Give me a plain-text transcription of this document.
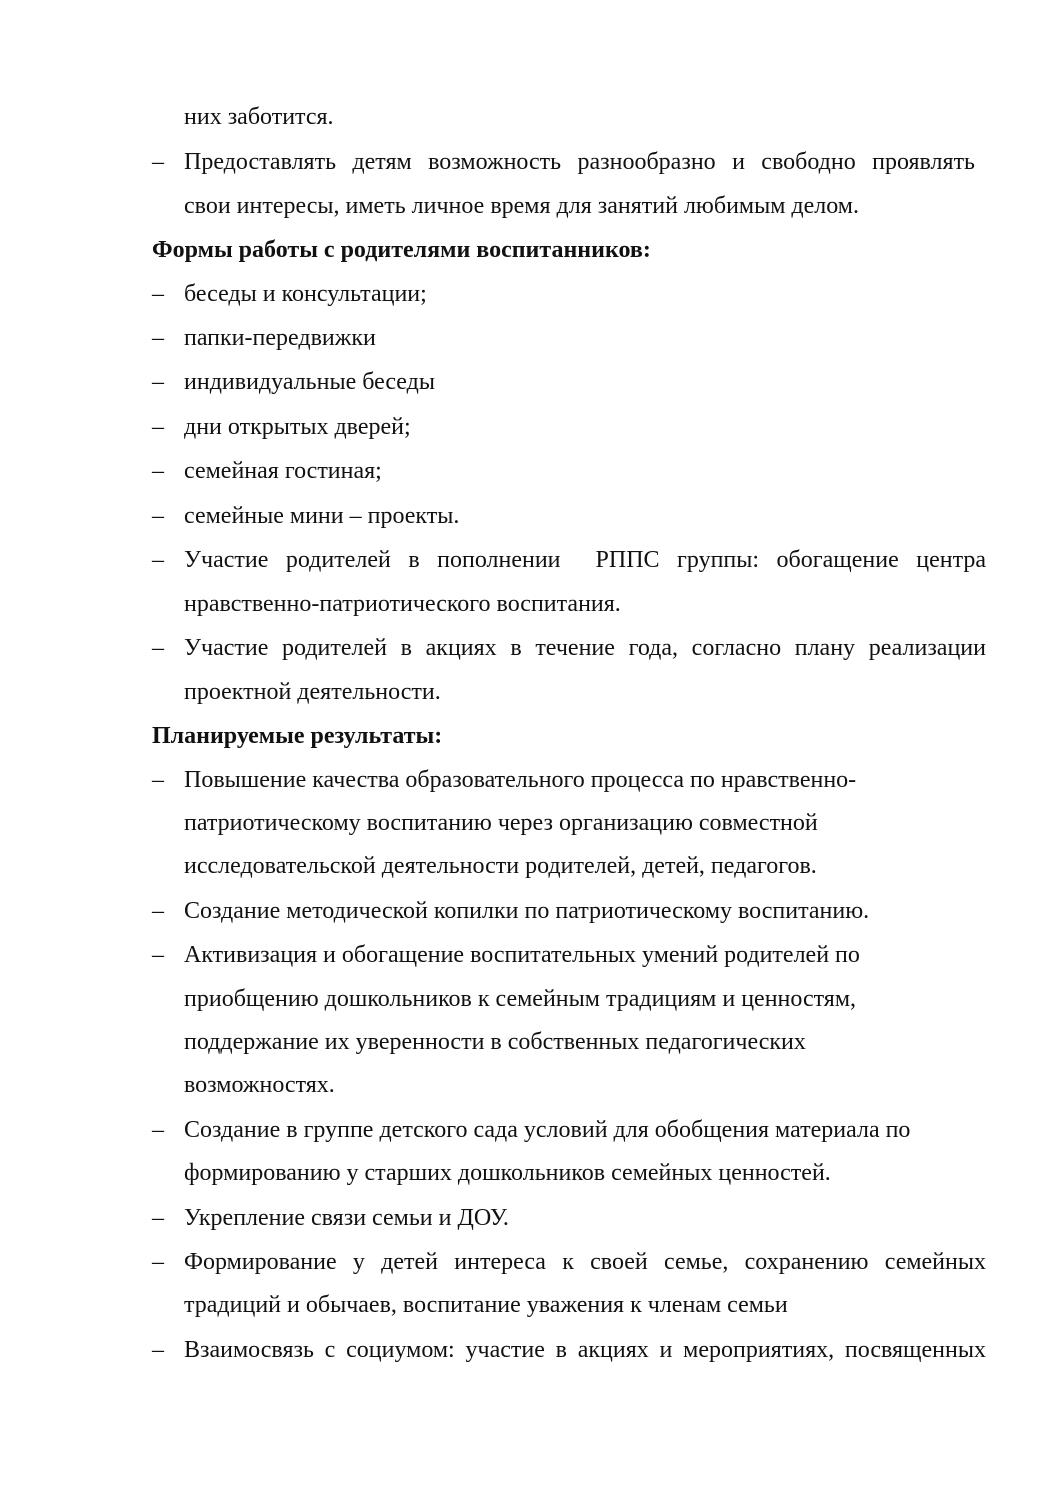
них заботится.
– Предоставлять детям возможность разнообразно и свободно проявлять
свои интересы, иметь личное время для занятий любимым делом.
Формы работы с родителями воспитанников:
– беседы и консультации;
– папки-передвижки
– индивидуальные беседы
– дни открытых дверей;
– семейная гостиная;
– семейные мини – проекты.
– Участие родителей в пополнении  РППС группы: обогащение центра
нравственно-патриотического воспитания.
– Участие родителей в акциях в течение года, согласно плану реализации
проектной деятельности.
Планируемые результаты:
– Повышение качества образовательного процесса по нравственно-
патриотическому воспитанию через организацию совместной
исследовательской деятельности родителей, детей, педагогов.
– Создание методической копилки по патриотическому воспитанию.
– Активизация и обогащение воспитательных умений родителей по
приобщению дошкольников к семейным традициям и ценностям,
поддержание их уверенности в собственных педагогических
возможностях.
– Создание в группе детского сада условий для обобщения материала по
формированию у старших дошкольников семейных ценностей.
– Укрепление связи семьи и ДОУ.
– Формирование у детей интереса к своей семье, сохранению семейных
традиций и обычаев, воспитание уважения к членам семьи
– Взаимосвязь с социумом: участие в акциях и мероприятиях, посвященных
